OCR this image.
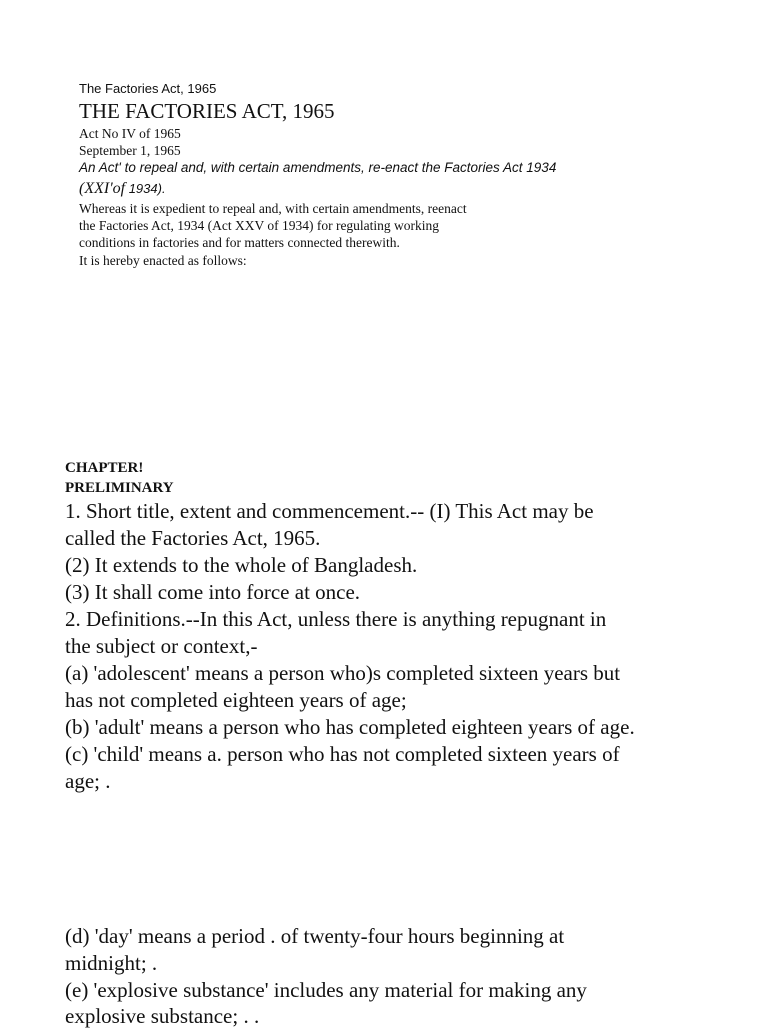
The Factories Act, 1965
THE FACTORIES ACT, 1965
Act No IV of 1965
September 1, 1965
An Act' to repeal and, with certain amendments, re-enact the Factories Act 1934
(XXI'of 1934).
Whereas it is expedient to repeal and, with certain amendments, reenact
the Factories Act, 1934 (Act XXV of 1934) for regulating working
conditions in factories and for matters connected therewith.
It is hereby enacted as follows:
CHAPTER!
PRELIMINARY
1. Short title, extent and commencement.-- (I) This Act may be
called the Factories Act, 1965.
(2) It extends to the whole of Bangladesh.
(3) It shall come into force at once.
2. Definitions.--In this Act, unless there is anything repugnant in
the subject or context,-
(a) 'adolescent' means a person who)s completed sixteen years but
has not completed eighteen years of age;
(b) 'adult' means a person who has completed eighteen years of age.
(c) 'child' means a. person who has not completed sixteen years of
age; .
(d) 'day' means a period . of twenty-four hours beginning at
midnight; .
(e) 'explosive substance' includes any material for making any
explosive substance; . .
